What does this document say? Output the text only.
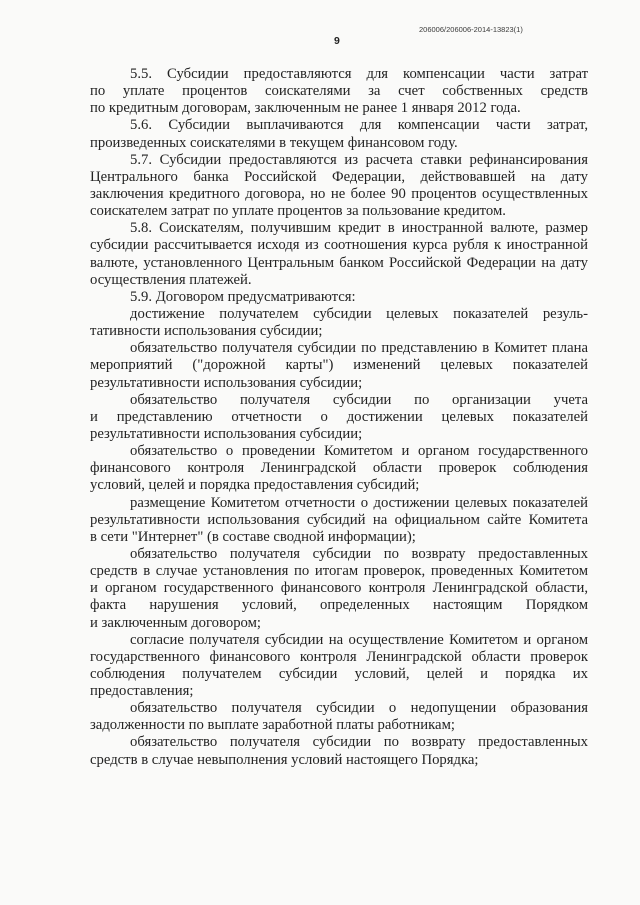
206006/206006-2014-13823(1)
9
5.5. Субсидии предоставляются для компенсации части затрат
по уплате процентов соискателями за счет собственных средств
по кредитным договорам, заключенным не ранее 1 января 2012 года.
5.6. Субсидии выплачиваются для компенсации части затрат,
произведенных соискателями в текущем финансовом году.
5.7. Субсидии предоставляются из расчета ставки рефинансирования
Центрального банка Российской Федерации, действовавшей на дату
заключения кредитного договора, но не более 90 процентов осуществленных
соискателем затрат по уплате процентов за пользование кредитом.
5.8. Соискателям, получившим кредит в иностранной валюте, размер
субсидии рассчитывается исходя из соотношения курса рубля к иностранной
валюте, установленного Центральным банком Российской Федерации на дату
осуществления платежей.
5.9. Договором предусматриваются:
достижение получателем субсидии целевых показателей резуль-
тативности использования субсидии;
обязательство получателя субсидии по представлению в Комитет плана
мероприятий ("дорожной карты") изменений целевых показателей
результативности использования субсидии;
обязательство получателя субсидии по организации учета
и представлению отчетности о достижении целевых показателей
результативности использования субсидии;
обязательство о проведении Комитетом и органом государственного
финансового контроля Ленинградской области проверок соблюдения
условий, целей и порядка предоставления субсидий;
размещение Комитетом отчетности о достижении целевых показателей
результативности использования субсидий на официальном сайте Комитета
в сети "Интернет" (в составе сводной информации);
обязательство получателя субсидии по возврату предоставленных
средств в случае установления по итогам проверок, проведенных Комитетом
и органом государственного финансового контроля Ленинградской области,
факта нарушения условий, определенных настоящим Порядком
и заключенным договором;
согласие получателя субсидии на осуществление Комитетом и органом
государственного финансового контроля Ленинградской области проверок
соблюдения получателем субсидии условий, целей и порядка их
предоставления;
обязательство получателя субсидии о недопущении образования
задолженности по выплате заработной платы работникам;
обязательство получателя субсидии по возврату предоставленных
средств в случае невыполнения условий настоящего Порядка;
